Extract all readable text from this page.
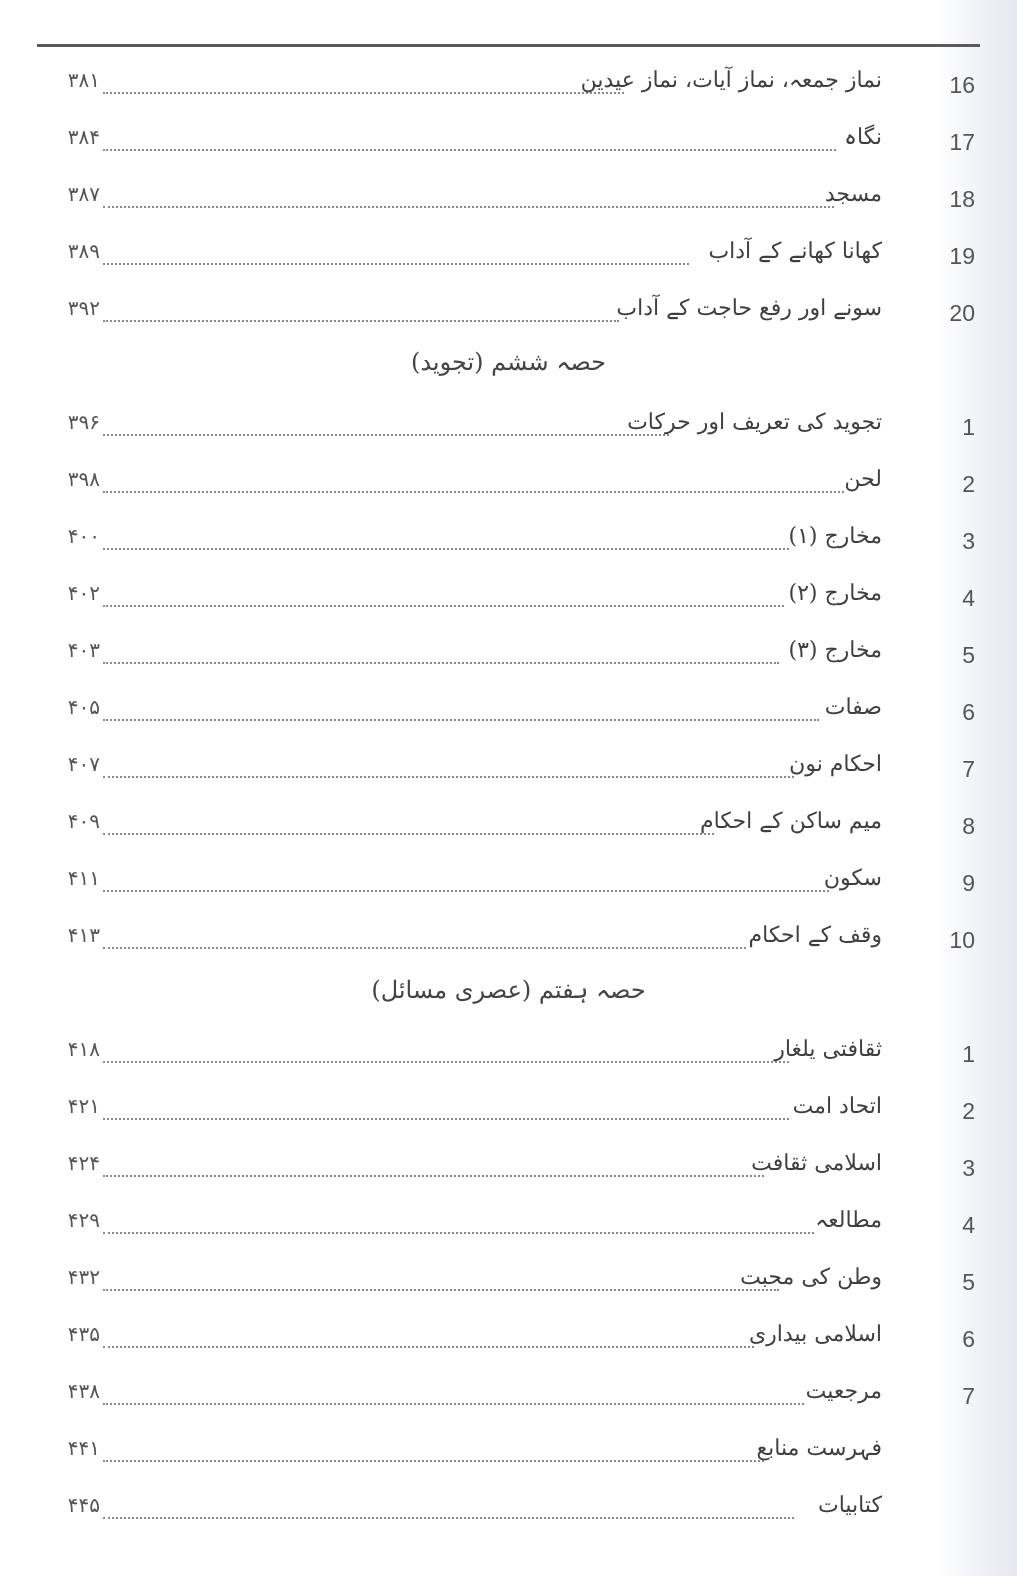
۳۸۱	نماز جمعہ، نماز آیات، نماز عیدین	16
۳۸۴	نگاہ	17
۳۸۷	مسجد	18
۳۸۹	کھانا کھانے کے آداب	19
۳۹۲	سونے اور رفع حاجت کے آداب	20
حصہ ششم (تجوید)
۳۹۶	تجوید کی تعریف اور حرکات	1
۳۹۸	لحن	2
۴۰۰	مخارج (۱)	3
۴۰۲	مخارج (۲)	4
۴۰۳	مخارج (۳)	5
۴۰۵	صفات	6
۴۰۷	احکام نون	7
۴۰۹	میم ساکن کے احکام	8
۴۱۱	سکون	9
۴۱۳	وقف کے احکام	10
حصہ ہفتم (عصری مسائل)
۴۱۸	ثقافتی یلغار	1
۴۲۱	اتحاد امت	2
۴۲۴	اسلامی ثقافت	3
۴۲۹	مطالعہ	4
۴۳۲	وطن کی محبت	5
۴۳۵	اسلامی بیداری	6
۴۳۸	مرجعیت	7
۴۴۱	فہرست منابع
۴۴۵	کتابیات
